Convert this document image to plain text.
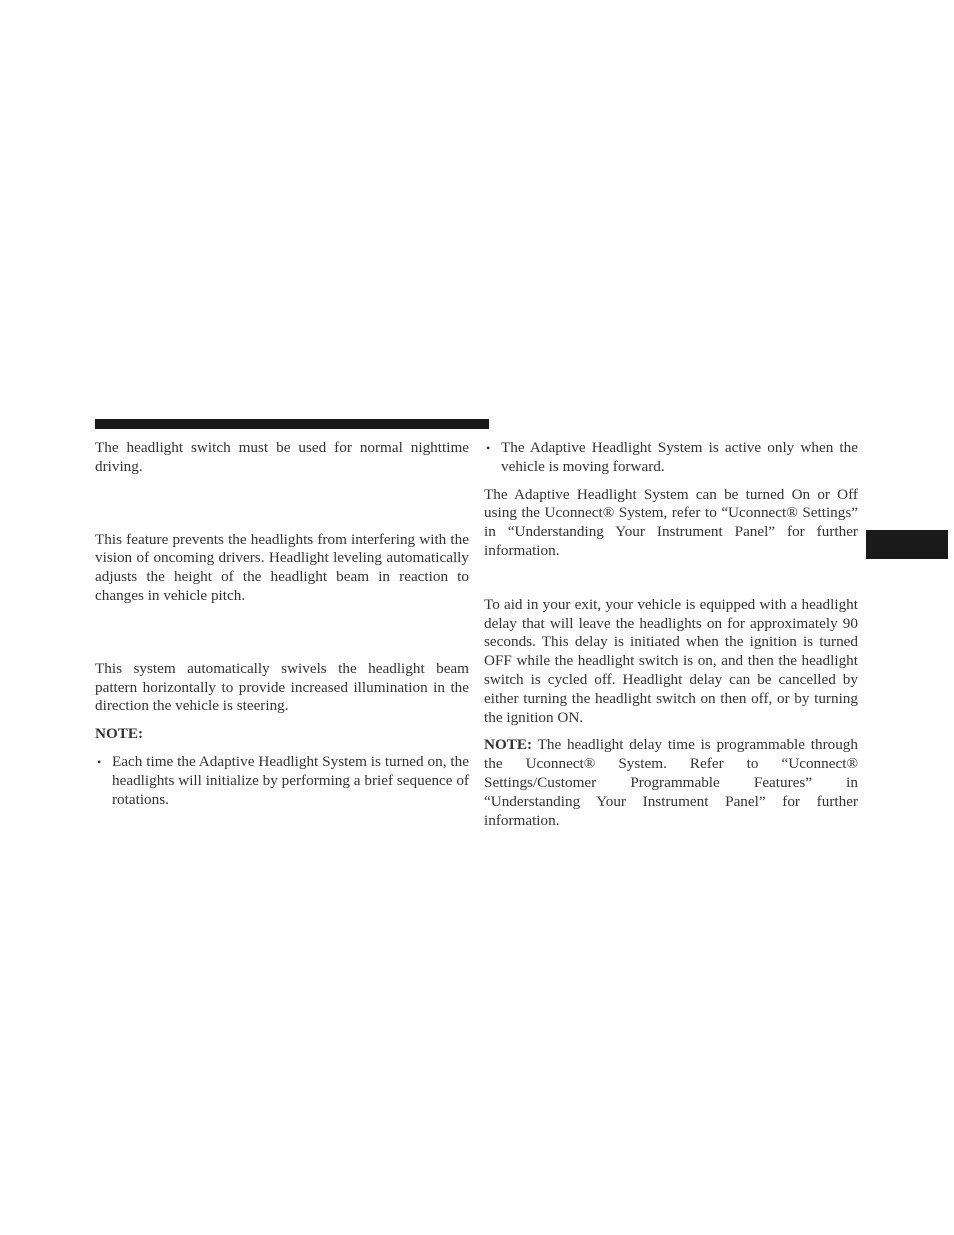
The headlight switch must be used for normal nighttime driving.

This feature prevents the headlights from interfering with the vision of oncoming drivers. Headlight leveling automatically adjusts the height of the headlight beam in reaction to changes in vehicle pitch.

This system automatically swivels the headlight beam pattern horizontally to provide increased illumination in the direction the vehicle is steering.

NOTE:

• Each time the Adaptive Headlight System is turned on, the headlights will initialize by performing a brief sequence of rotations.

• The Adaptive Headlight System is active only when the vehicle is moving forward.

The Adaptive Headlight System can be turned On or Off using the Uconnect® System, refer to “Uconnect® Settings” in “Understanding Your Instrument Panel” for further information.

To aid in your exit, your vehicle is equipped with a headlight delay that will leave the headlights on for approximately 90 seconds. This delay is initiated when the ignition is turned OFF while the headlight switch is on, and then the headlight switch is cycled off. Headlight delay can be cancelled by either turning the headlight switch on then off, or by turning the ignition ON.

NOTE: The headlight delay time is programmable through the Uconnect® System. Refer to “Uconnect® Settings/Customer Programmable Features” in “Understanding Your Instrument Panel” for further information.
